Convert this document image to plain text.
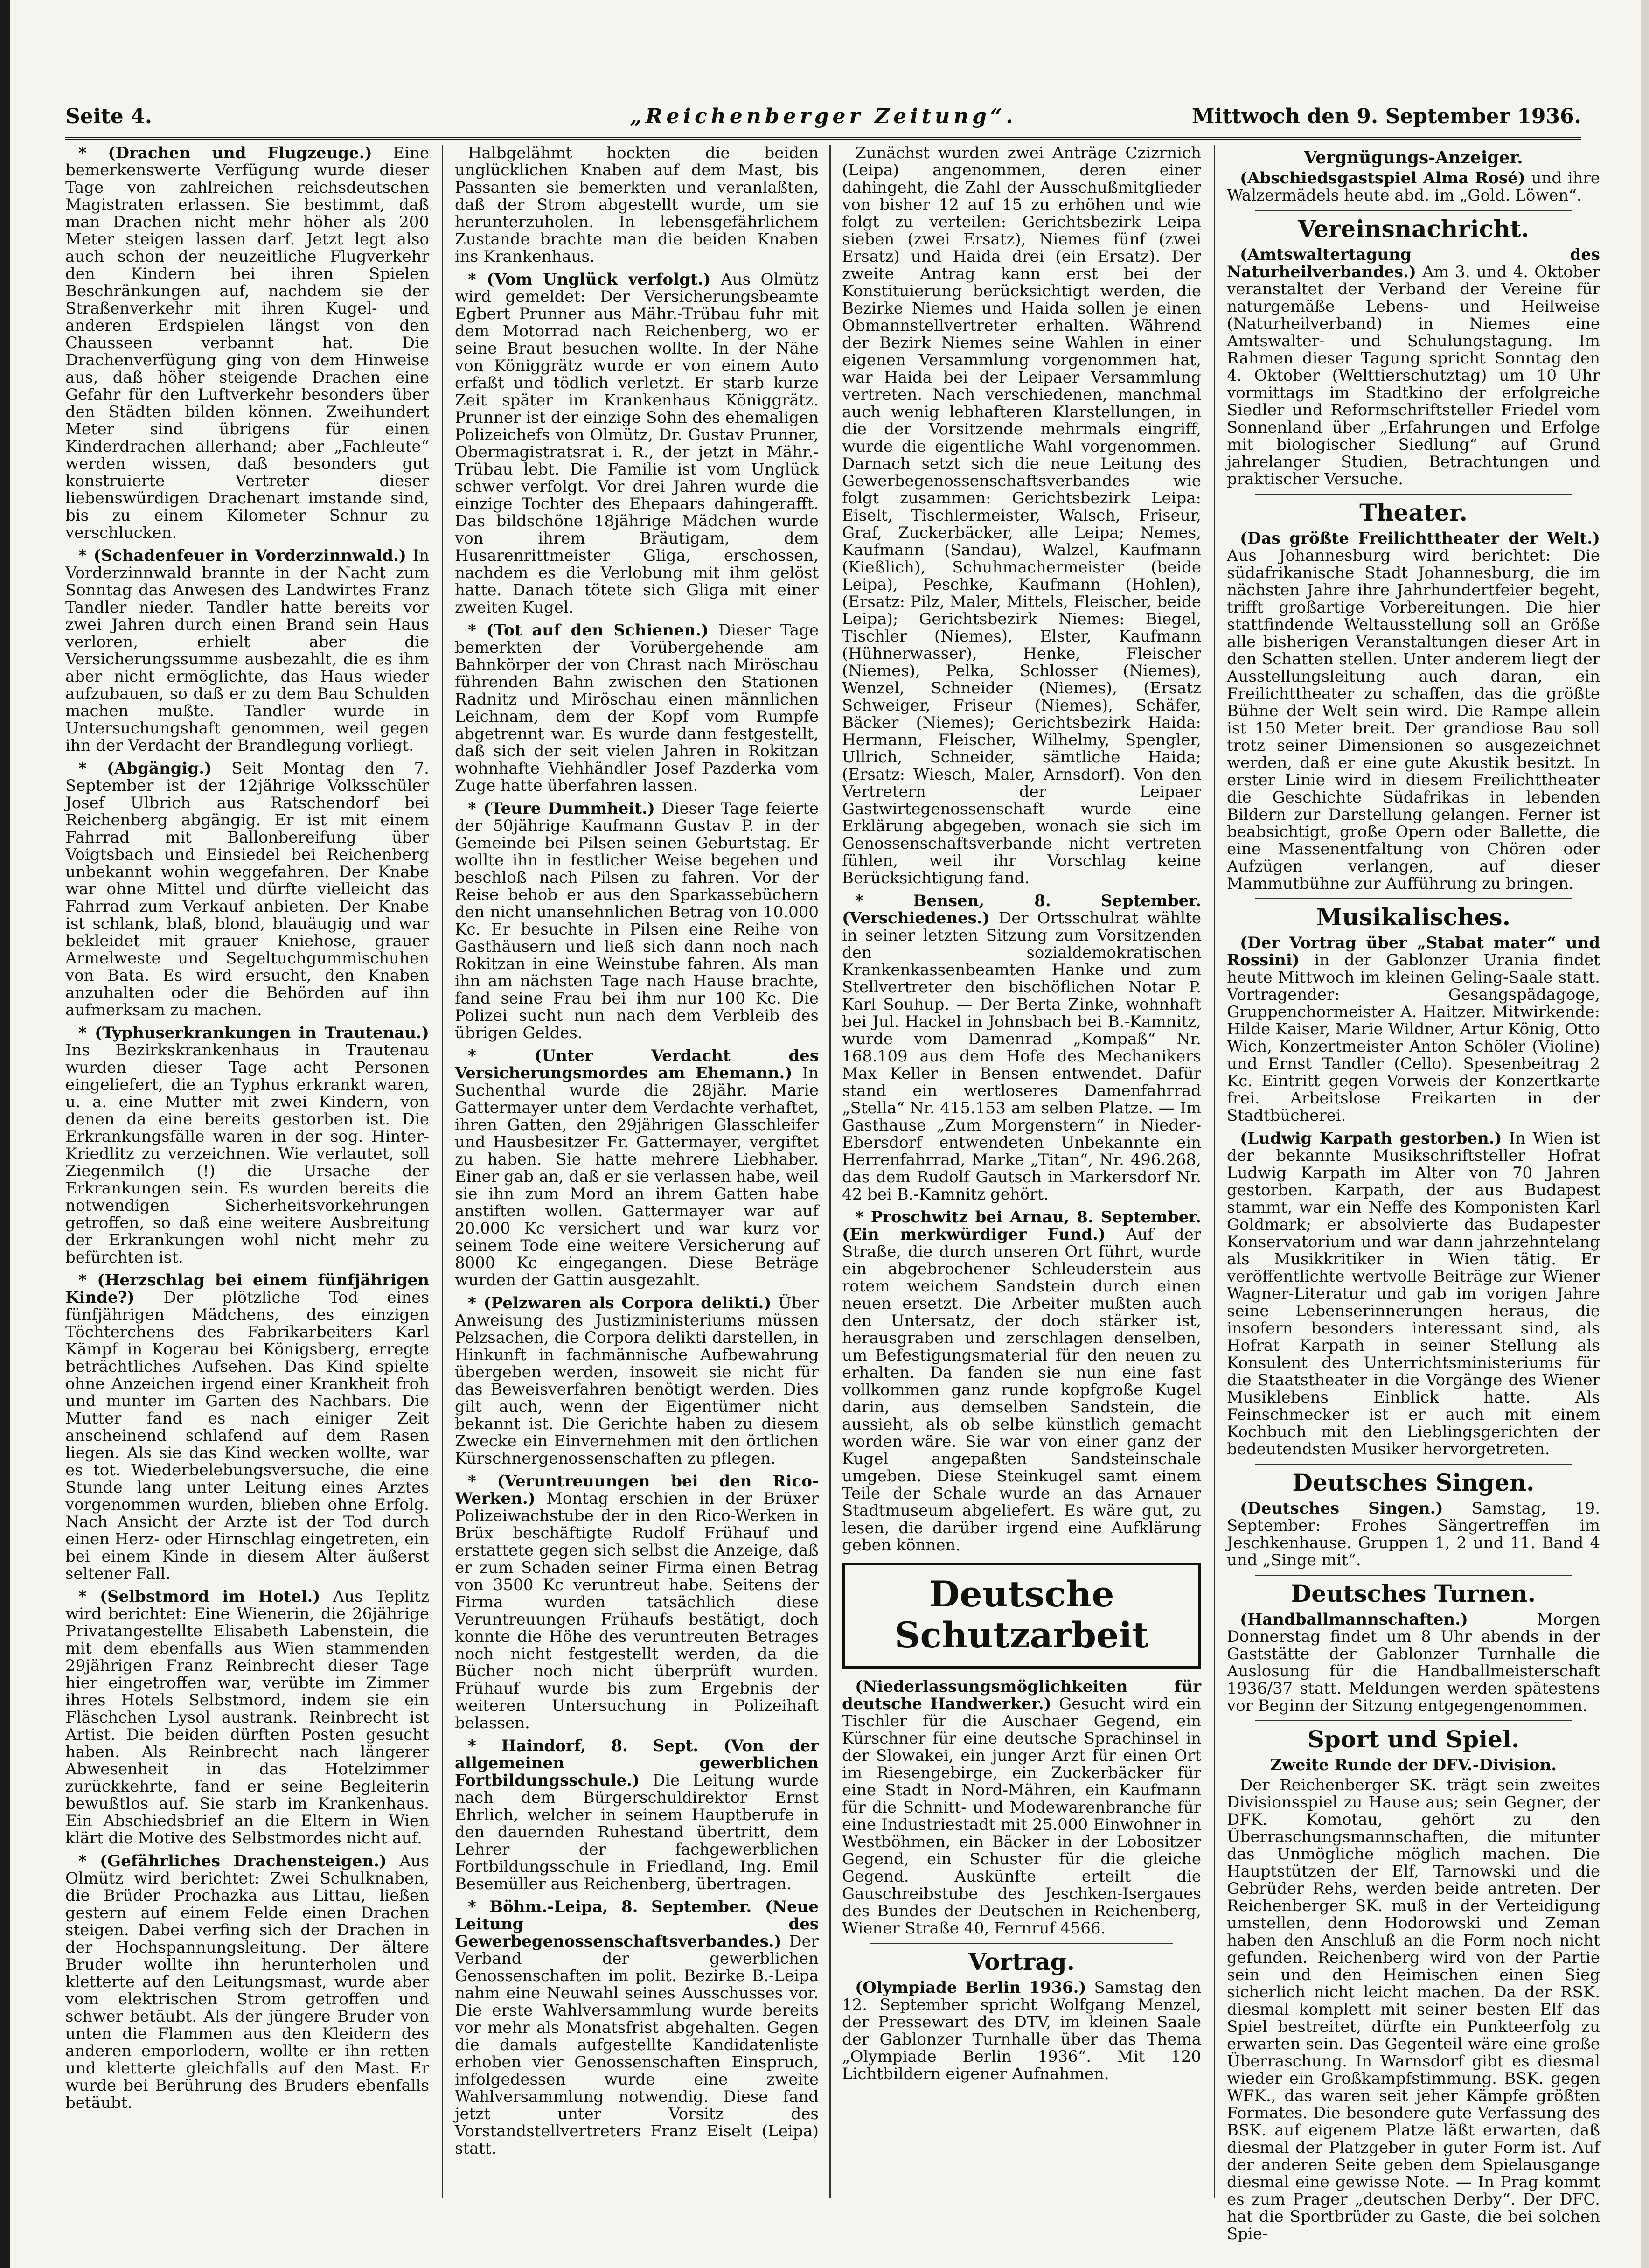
Seite 4.	„Reichenberger Zeitung“.	Mittwoch den 9. September 1936.

* (Drachen und Flugzeuge.) Eine bemerkenswerte Verfügung wurde dieser Tage von zahlreichen reichsdeutschen Magistraten erlassen. Sie bestimmt, daß man Drachen nicht mehr höher als 200 Meter steigen lassen darf. Jetzt legt also auch schon der neuzeitliche Flugverkehr den Kindern bei ihren Spielen Beschränkungen auf, nachdem sie der Straßenverkehr mit ihren Kugel- und anderen Erdspielen längst von den Chausseen verbannt hat. Die Drachenverfügung ging von dem Hinweise aus, daß höher steigende Drachen eine Gefahr für den Luftverkehr besonders über den Städten bilden können. Zweihundert Meter sind übrigens für einen Kinderdrachen allerhand; aber „Fachleute“ werden wissen, daß besonders gut konstruierte Vertreter dieser liebenswürdigen Drachenart imstande sind, bis zu einem Kilometer Schnur zu verschlucken.

* (Schadenfeuer in Vorderzinnwald.) In Vorderzinnwald brannte in der Nacht zum Sonntag das Anwesen des Landwirtes Franz Tandler nieder. Tandler hatte bereits vor zwei Jahren durch einen Brand sein Haus verloren, erhielt aber die Versicherungssumme ausbezahlt, die es ihm aber nicht ermöglichte, das Haus wieder aufzubauen, so daß er zu dem Bau Schulden machen mußte. Tandler wurde in Untersuchungshaft genommen, weil gegen ihn der Verdacht der Brandlegung vorliegt.

* (Abgängig.) Seit Montag den 7. September ist der 12jährige Volksschüler Josef Ulbrich aus Ratschendorf bei Reichenberg abgängig. Er ist mit einem Fahrrad mit Ballonbereifung über Voigtsbach und Einsiedel bei Reichenberg unbekannt wohin weggefahren. Der Knabe war ohne Mittel und dürfte vielleicht das Fahrrad zum Verkauf anbieten. Der Knabe ist schlank, blaß, blond, blauäugig und war bekleidet mit grauer Kniehose, grauer Armelweste und Segeltuchgummischuhen von Bata. Es wird ersucht, den Knaben anzuhalten oder die Behörden auf ihn aufmerksam zu machen.

* (Typhuserkrankungen in Trautenau.) Ins Bezirkskrankenhaus in Trautenau wurden dieser Tage acht Personen eingeliefert, die an Typhus erkrankt waren, u. a. eine Mutter mit zwei Kindern, von denen da eine bereits gestorben ist. Die Erkrankungsfälle waren in der sog. Hinter-Kriedlitz zu verzeichnen. Wie verlautet, soll Ziegenmilch (!) die Ursache der Erkrankungen sein. Es wurden bereits die notwendigen Sicherheitsvorkehrungen getroffen, so daß eine weitere Ausbreitung der Erkrankungen wohl nicht mehr zu befürchten ist.

* (Herzschlag bei einem fünfjährigen Kinde?) Der plötzliche Tod eines fünfjährigen Mädchens, des einzigen Töchterchens des Fabrikarbeiters Karl Kämpf in Kogerau bei Königsberg, erregte beträchtliches Aufsehen. Das Kind spielte ohne Anzeichen irgend einer Krankheit froh und munter im Garten des Nachbars. Die Mutter fand es nach einiger Zeit anscheinend schlafend auf dem Rasen liegen. Als sie das Kind wecken wollte, war es tot. Wiederbelebungsversuche, die eine Stunde lang unter Leitung eines Arztes vorgenommen wurden, blieben ohne Erfolg. Nach Ansicht der Arzte ist der Tod durch einen Herz- oder Hirnschlag eingetreten, ein bei einem Kinde in diesem Alter äußerst seltener Fall.

* (Selbstmord im Hotel.) Aus Teplitz wird berichtet: Eine Wienerin, die 26jährige Privatangestellte Elisabeth Labenstein, die mit dem ebenfalls aus Wien stammenden 29jährigen Franz Reinbrecht dieser Tage hier eingetroffen war, verübte im Zimmer ihres Hotels Selbstmord, indem sie ein Fläschchen Lysol austrank. Reinbrecht ist Artist. Die beiden dürften Posten gesucht haben. Als Reinbrecht nach längerer Abwesenheit in das Hotelzimmer zurückkehrte, fand er seine Begleiterin bewußtlos auf. Sie starb im Krankenhaus. Ein Abschiedsbrief an die Eltern in Wien klärt die Motive des Selbstmordes nicht auf.

* (Gefährliches Drachensteigen.) Aus Olmütz wird berichtet: Zwei Schulknaben, die Brüder Prochazka aus Littau, ließen gestern auf einem Felde einen Drachen steigen. Dabei verfing sich der Drachen in der Hochspannungsleitung. Der ältere Bruder wollte ihn herunterholen und kletterte auf den Leitungsmast, wurde aber vom elektrischen Strom getroffen und schwer betäubt. Als der jüngere Bruder von unten die Flammen aus den Kleidern des anderen emporlodern, wollte er ihn retten und kletterte gleichfalls auf den Mast. Er wurde bei Berührung des Bruders ebenfalls betäubt.

Halbgelähmt hockten die beiden unglücklichen Knaben auf dem Mast, bis Passanten sie bemerkten und veranlaßten, daß der Strom abgestellt wurde, um sie herunterzuholen. In lebensgefährlichem Zustande brachte man die beiden Knaben ins Krankenhaus.

* (Vom Unglück verfolgt.) Aus Olmütz wird gemeldet: Der Versicherungsbeamte Egbert Prunner aus Mähr.-Trübau fuhr mit dem Motorrad nach Reichenberg, wo er seine Braut besuchen wollte. In der Nähe von Königgrätz wurde er von einem Auto erfaßt und tödlich verletzt. Er starb kurze Zeit später im Krankenhaus Königgrätz. Prunner ist der einzige Sohn des ehemaligen Polizeichefs von Olmütz, Dr. Gustav Prunner, Obermagistratsrat i. R., der jetzt in Mähr.-Trübau lebt. Die Familie ist vom Unglück schwer verfolgt. Vor drei Jahren wurde die einzige Tochter des Ehepaars dahingerafft. Das bildschöne 18jährige Mädchen wurde von ihrem Bräutigam, dem Husarenrittmeister Gliga, erschossen, nachdem es die Verlobung mit ihm gelöst hatte. Danach tötete sich Gliga mit einer zweiten Kugel.

* (Tot auf den Schienen.) Dieser Tage bemerkten der Vorübergehende am Bahnkörper der von Chrast nach Miröschau führenden Bahn zwischen den Stationen Radnitz und Miröschau einen männlichen Leichnam, dem der Kopf vom Rumpfe abgetrennt war. Es wurde dann festgestellt, daß sich der seit vielen Jahren in Rokitzan wohnhafte Viehhändler Josef Pazderka vom Zuge hatte überfahren lassen.

* (Teure Dummheit.) Dieser Tage feierte der 50jährige Kaufmann Gustav P. in der Gemeinde bei Pilsen seinen Geburtstag. Er wollte ihn in festlicher Weise begehen und beschloß nach Pilsen zu fahren. Vor der Reise behob er aus den Sparkassebüchern den nicht unansehnlichen Betrag von 10.000 Kc. Er besuchte in Pilsen eine Reihe von Gasthäusern und ließ sich dann noch nach Rokitzan in eine Weinstube fahren. Als man ihn am nächsten Tage nach Hause brachte, fand seine Frau bei ihm nur 100 Kc. Die Polizei sucht nun nach dem Verbleib des übrigen Geldes.

* (Unter Verdacht des Versicherungsmordes am Ehemann.) In Suchenthal wurde die 28jähr. Marie Gattermayer unter dem Verdachte verhaftet, ihren Gatten, den 29jährigen Glasschleifer und Hausbesitzer Fr. Gattermayer, vergiftet zu haben. Sie hatte mehrere Liebhaber. Einer gab an, daß er sie verlassen habe, weil sie ihn zum Mord an ihrem Gatten habe anstiften wollen. Gattermayer war auf 20.000 Kc versichert und war kurz vor seinem Tode eine weitere Versicherung auf 8000 Kc eingegangen. Diese Beträge wurden der Gattin ausgezahlt.

* (Pelzwaren als Corpora delikti.) Über Anweisung des Justizministeriums müssen Pelzsachen, die Corpora delikti darstellen, in Hinkunft in fachmännische Aufbewahrung übergeben werden, insoweit sie nicht für das Beweisverfahren benötigt werden. Dies gilt auch, wenn der Eigentümer nicht bekannt ist. Die Gerichte haben zu diesem Zwecke ein Einvernehmen mit den örtlichen Kürschnergenossenschaften zu pflegen.

* (Veruntreuungen bei den Rico-Werken.) Montag erschien in der Brüxer Polizeiwachstube der in den Rico-Werken in Brüx beschäftigte Rudolf Frühauf und erstattete gegen sich selbst die Anzeige, daß er zum Schaden seiner Firma einen Betrag von 3500 Kc veruntreut habe. Seitens der Firma wurden tatsächlich diese Veruntreuungen Frühaufs bestätigt, doch konnte die Höhe des veruntreuten Betrages noch nicht festgestellt werden, da die Bücher noch nicht überprüft wurden. Frühauf wurde bis zum Ergebnis der weiteren Untersuchung in Polizeihaft belassen.

* Haindorf, 8. Sept. (Von der allgemeinen gewerblichen Fortbildungsschule.) Die Leitung wurde nach dem Bürgerschuldirektor Ernst Ehrlich, welcher in seinem Hauptberufe in den dauernden Ruhestand übertritt, dem Lehrer der fachgewerblichen Fortbildungsschule in Friedland, Ing. Emil Besemüller aus Reichenberg, übertragen.

* Böhm.-Leipa, 8. September. (Neue Leitung des Gewerbegenossenschaftsverbandes.) Der Verband der gewerblichen Genossenschaften im polit. Bezirke B.-Leipa nahm eine Neuwahl seines Ausschusses vor. Die erste Wahlversammlung wurde bereits vor mehr als Monatsfrist abgehalten. Gegen die damals aufgestellte Kandidatenliste erhoben vier Genossenschaften Einspruch, infolgedessen wurde eine zweite Wahlversammlung notwendig. Diese fand jetzt unter Vorsitz des Vorstandstellvertreters Franz Eiselt (Leipa) statt.

Zunächst wurden zwei Anträge Czizrnich (Leipa) angenommen, deren einer dahingeht, die Zahl der Ausschußmitglieder von bisher 12 auf 15 zu erhöhen und wie folgt zu verteilen: Gerichtsbezirk Leipa sieben (zwei Ersatz), Niemes fünf (zwei Ersatz) und Haida drei (ein Ersatz). Der zweite Antrag kann erst bei der Konstituierung berücksichtigt werden, die Bezirke Niemes und Haida sollen je einen Obmannstellvertreter erhalten. Während der Bezirk Niemes seine Wahlen in einer eigenen Versammlung vorgenommen hat, war Haida bei der Leipaer Versammlung vertreten. Nach verschiedenen, manchmal auch wenig lebhafteren Klarstellungen, in die der Vorsitzende mehrmals eingriff, wurde die eigentliche Wahl vorgenommen. Darnach setzt sich die neue Leitung des Gewerbegenossenschaftsverbandes wie folgt zusammen: Gerichtsbezirk Leipa: Eiselt, Tischlermeister, Walsch, Friseur, Graf, Zuckerbäcker, alle Leipa; Nemes, Kaufmann (Sandau), Walzel, Kaufmann (Kießlich), Schuhmachermeister (beide Leipa), Peschke, Kaufmann (Hohlen), (Ersatz: Pilz, Maler, Mittels, Fleischer, beide Leipa); Gerichtsbezirk Niemes: Biegel, Tischler (Niemes), Elster, Kaufmann (Hühnerwasser), Henke, Fleischer (Niemes), Pelka, Schlosser (Niemes), Wenzel, Schneider (Niemes), (Ersatz Schweiger, Friseur (Niemes), Schäfer, Bäcker (Niemes); Gerichtsbezirk Haida: Hermann, Fleischer, Wilhelmy, Spengler, Ullrich, Schneider, sämtliche Haida; (Ersatz: Wiesch, Maler, Arnsdorf). Von den Vertretern der Leipaer Gastwirtegenossenschaft wurde eine Erklärung abgegeben, wonach sie sich im Genossenschaftsverbande nicht vertreten fühlen, weil ihr Vorschlag keine Berücksichtigung fand.

* Bensen, 8. September. (Verschiedenes.) Der Ortsschulrat wählte in seiner letzten Sitzung zum Vorsitzenden den sozialdemokratischen Krankenkassenbeamten Hanke und zum Stellvertreter den bischöflichen Notar P. Karl Souhup. — Der Berta Zinke, wohnhaft bei Jul. Hackel in Johnsbach bei B.-Kamnitz, wurde vom Damenrad „Kompaß“ Nr. 168.109 aus dem Hofe des Mechanikers Max Keller in Bensen entwendet. Dafür stand ein wertloseres Damenfahrrad „Stella“ Nr. 415.153 am selben Platze. — Im Gasthause „Zum Morgenstern“ in Nieder-Ebersdorf entwendeten Unbekannte ein Herrenfahrrad, Marke „Titan“, Nr. 496.268, das dem Rudolf Gautsch in Markersdorf Nr. 42 bei B.-Kamnitz gehört.

* Proschwitz bei Arnau, 8. September. (Ein merkwürdiger Fund.) Auf der Straße, die durch unseren Ort führt, wurde ein abgebrochener Schleuderstein aus rotem weichem Sandstein durch einen neuen ersetzt. Die Arbeiter mußten auch den Untersatz, der doch stärker ist, herausgraben und zerschlagen denselben, um Befestigungsmaterial für den neuen zu erhalten. Da fanden sie nun eine fast vollkommen ganz runde kopfgroße Kugel darin, aus demselben Sandstein, die aussieht, als ob selbe künstlich gemacht worden wäre. Sie war von einer ganz der Kugel angepaßten Sandsteinschale umgeben. Diese Steinkugel samt einem Teile der Schale wurde an das Arnauer Stadtmuseum abgeliefert. Es wäre gut, zu lesen, die darüber irgend eine Aufklärung geben können.

Deutsche Schutzarbeit

(Niederlassungsmöglichkeiten für deutsche Handwerker.) Gesucht wird ein Tischler für die Auschaer Gegend, ein Kürschner für eine deutsche Sprachinsel in der Slowakei, ein junger Arzt für einen Ort im Riesengebirge, ein Zuckerbäcker für eine Stadt in Nord-Mähren, ein Kaufmann für die Schnitt- und Modewarenbranche für eine Industriestadt mit 25.000 Einwohner in Westböhmen, ein Bäcker in der Lobositzer Gegend, ein Schuster für die gleiche Gegend. Auskünfte erteilt die Gauschreibstube des Jeschken-Isergaues des Bundes der Deutschen in Reichenberg, Wiener Straße 40, Fernruf 4566.

Vortrag.

(Olympiade Berlin 1936.) Samstag den 12. September spricht Wolfgang Menzel, der Pressewart des DTV, im kleinen Saale der Gablonzer Turnhalle über das Thema „Olympiade Berlin 1936“. Mit 120 Lichtbildern eigener Aufnahmen.

Vergnügungs-Anzeiger.

(Abschiedsgastspiel Alma Rosé) und ihre Walzermädels heute abd. im „Gold. Löwen“.

Vereinsnachricht.

(Amtswaltertagung des Naturheilverbandes.) Am 3. und 4. Oktober veranstaltet der Verband der Vereine für naturgemäße Lebens- und Heilweise (Naturheilverband) in Niemes eine Amtswalter- und Schulungstagung. Im Rahmen dieser Tagung spricht Sonntag den 4. Oktober (Welttierschutztag) um 10 Uhr vormittags im Stadtkino der erfolgreiche Siedler und Reformschriftsteller Friedel vom Sonnenland über „Erfahrungen und Erfolge mit biologischer Siedlung“ auf Grund jahrelanger Studien, Betrachtungen und praktischer Versuche.

Theater.

(Das größte Freilichttheater der Welt.) Aus Johannesburg wird berichtet: Die südafrikanische Stadt Johannesburg, die im nächsten Jahre ihre Jahrhundertfeier begeht, trifft großartige Vorbereitungen. Die hier stattfindende Weltausstellung soll an Größe alle bisherigen Veranstaltungen dieser Art in den Schatten stellen. Unter anderem liegt der Ausstellungsleitung auch daran, ein Freilichttheater zu schaffen, das die größte Bühne der Welt sein wird. Die Rampe allein ist 150 Meter breit. Der grandiose Bau soll trotz seiner Dimensionen so ausgezeichnet werden, daß er eine gute Akustik besitzt. In erster Linie wird in diesem Freilichttheater die Geschichte Südafrikas in lebenden Bildern zur Darstellung gelangen. Ferner ist beabsichtigt, große Opern oder Ballette, die eine Massenentfaltung von Chören oder Aufzügen verlangen, auf dieser Mammutbühne zur Aufführung zu bringen.

Musikalisches.

(Der Vortrag über „Stabat mater“ und Rossini) in der Gablonzer Urania findet heute Mittwoch im kleinen Geling-Saale statt. Vortragender: Gesangspädagoge, Gruppenchormeister A. Haitzer. Mitwirkende: Hilde Kaiser, Marie Wildner, Artur König, Otto Wich, Konzertmeister Anton Schöler (Violine) und Ernst Tandler (Cello). Spesenbeitrag 2 Kc. Eintritt gegen Vorweis der Konzertkarte frei. Arbeitslose Freikarten in der Stadtbücherei.

(Ludwig Karpath gestorben.) In Wien ist der bekannte Musikschriftsteller Hofrat Ludwig Karpath im Alter von 70 Jahren gestorben. Karpath, der aus Budapest stammt, war ein Neffe des Komponisten Karl Goldmark; er absolvierte das Budapester Konservatorium und war dann jahrzehntelang als Musikkritiker in Wien tätig. Er veröffentlichte wertvolle Beiträge zur Wiener Wagner-Literatur und gab im vorigen Jahre seine Lebenserinnerungen heraus, die insofern besonders interessant sind, als Hofrat Karpath in seiner Stellung als Konsulent des Unterrichtsministeriums für die Staatstheater in die Vorgänge des Wiener Musiklebens Einblick hatte. Als Feinschmecker ist er auch mit einem Kochbuch mit den Lieblingsgerichten der bedeutendsten Musiker hervorgetreten.

Deutsches Singen.

(Deutsches Singen.) Samstag, 19. September: Frohes Sängertreffen im Jeschkenhause. Gruppen 1, 2 und 11. Band 4 und „Singe mit“.

Deutsches Turnen.

(Handballmannschaften.)	Morgen Donnerstag findet um 8 Uhr abends in der Gaststätte der Gablonzer Turnhalle die Auslosung für die Handballmeisterschaft 1936/37 statt. Meldungen werden spätestens vor Beginn der Sitzung entgegengenommen.

Sport und Spiel.
Zweite Runde der DFV.-Division.

Der Reichenberger SK. trägt sein zweites Divisionsspiel zu Hause aus; sein Gegner, der DFK. Komotau, gehört zu den Überraschungsmannschaften, die mitunter das Unmögliche möglich machen. Die Hauptstützen der Elf, Tarnowski und die Gebrüder Rehs, werden beide antreten. Der Reichenberger SK. muß in der Verteidigung umstellen, denn Hodorowski und Zeman haben den Anschluß an die Form noch nicht gefunden. Reichenberg wird von der Partie sein und den Heimischen einen Sieg sicherlich nicht leicht machen. Da der RSK. diesmal komplett mit seiner besten Elf das Spiel bestreitet, dürfte ein Punkteerfolg zu erwarten sein. Das Gegenteil wäre eine große Überraschung. In Warnsdorf gibt es diesmal wieder ein Großkampfstimmung. BSK. gegen WFK., das waren seit jeher Kämpfe größten Formates. Die besondere gute Verfassung des BSK. auf eigenem Platze läßt erwarten, daß diesmal der Platzgeber in guter Form ist. Auf der anderen Seite geben dem Spielausgange diesmal eine gewisse Note. — In Prag kommt es zum Prager „deutschen Derby“. Der DFC. hat die Sportbrüder zu Gaste, die bei solchen Spie-
